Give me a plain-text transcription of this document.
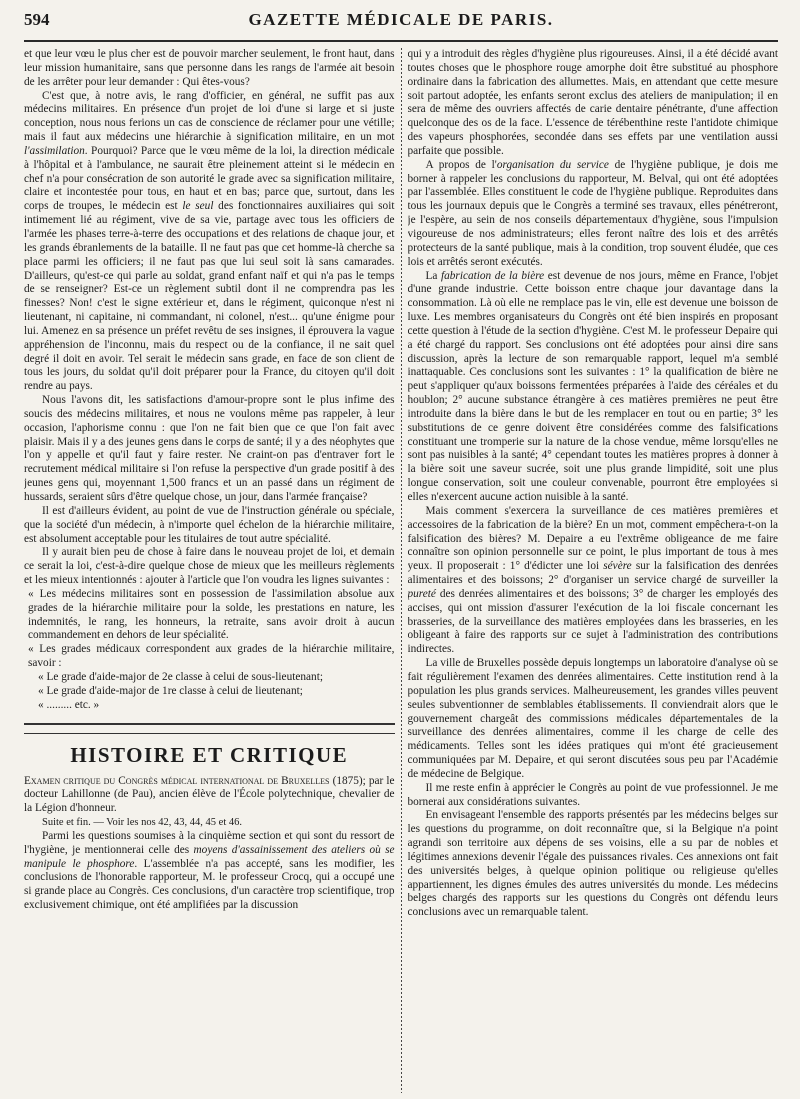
594	GAZETTE MÉDICALE DE PARIS.

et que leur vœu le plus cher est de pouvoir marcher seulement, le front haut, dans leur mission humanitaire, sans que personne dans les rangs de l'armée ait besoin de les arrêter pour leur demander : Qui êtes-vous?

C'est que, à notre avis, le rang d'officier, en général, ne suffit pas aux médecins militaires. En présence d'un projet de loi d'une si large et si juste conception, nous nous ferions un cas de conscience de réclamer pour une vétille; mais il faut aux médecins une hiérarchie à signification militaire, en un mot l'assimilation. Pourquoi? Parce que le vœu même de la loi, la direction médicale à l'hôpital et à l'ambulance, ne saurait être pleinement atteint si le médecin en chef n'a pour consécration de son autorité le grade avec sa signification militaire, claire et incontestée pour tous, en haut et en bas; parce que, surtout, dans les corps de troupes, le médecin est le seul des fonctionnaires auxiliaires qui soit intimement lié au régiment, vive de sa vie, partage avec tous les officiers de l'armée les phases terre-à-terre des occupations et des relations de chaque jour, et les grands ébranlements de la bataille. Il ne faut pas que cet homme-là cherche sa place parmi les officiers; il ne faut pas que lui seul soit là sans camarades. D'ailleurs, qu'est-ce qui parle au soldat, grand enfant naïf et qui n'a pas le temps de se renseigner? Est-ce un règlement subtil dont il ne comprendra pas les finesses? Non! c'est le signe extérieur et, dans le régiment, quiconque n'est ni lieutenant, ni capitaine, ni commandant, ni colonel, n'est... qu'une énigme pour lui. Amenez en sa présence un préfet revêtu de ses insignes, il éprouvera la vague appréhension de l'inconnu, mais du respect ou de la confiance, il ne sait quel degré il doit en avoir. Tel serait le médecin sans grade, en face de son client de tous les jours, du soldat qu'il doit préparer pour la France, du citoyen qu'il doit rendre au pays.

Nous l'avons dit, les satisfactions d'amour-propre sont le plus infime des soucis des médecins militaires, et nous ne voulons même pas rappeler, à leur occasion, l'aphorisme connu : que l'on ne fait bien que ce que l'on fait avec plaisir. Mais il y a des jeunes gens dans le corps de santé; il y a des néophytes que l'on y appelle et qu'il faut y faire rester. Ne craint-on pas d'entraver fort le recrutement médical militaire si l'on refuse la perspective d'un grade positif à des jeunes gens qui, moyennant 1,500 francs et un an passé dans un régiment de hussards, seraient sûrs d'être quelque chose, un jour, dans l'armée française?

Il est d'ailleurs évident, au point de vue de l'instruction générale ou spéciale, que la société d'un médecin, à n'importe quel échelon de la hiérarchie militaire, est absolument acceptable pour les titulaires de tout autre spécialité.

Il y aurait bien peu de chose à faire dans le nouveau projet de loi, et demain ce serait la loi, c'est-à-dire quelque chose de mieux que les meilleurs règlements et les mieux intentionnés : ajouter à l'article que l'on voudra les lignes suivantes :

« Les médecins militaires sont en possession de l'assimilation absolue aux grades de la hiérarchie militaire pour la solde, les prestations en nature, les indemnités, le rang, les honneurs, la retraite, sans avoir droit à aucun commandement en dehors de leur spécialité.

« Les grades médicaux correspondent aux grades de la hiérarchie militaire, savoir :

« Le grade d'aide-major de 2e classe à celui de sous-lieutenant;

« Le grade d'aide-major de 1re classe à celui de lieutenant;

« ......... etc. »

HISTOIRE ET CRITIQUE

Examen critique du Congrès médical international de Bruxelles (1875); par le docteur Lahillonne (de Pau), ancien élève de l'École polytechnique, chevalier de la Légion d'honneur.

Suite et fin. — Voir les nos 42, 43, 44, 45 et 46.

Parmi les questions soumises à la cinquième section et qui sont du ressort de l'hygiène, je mentionnerai celle des moyens d'assainissement des ateliers où se manipule le phosphore. L'assemblée n'a pas accepté, sans les modifier, les conclusions de l'honorable rapporteur, M. le professeur Crocq, qui a occupé une si grande place au Congrès. Ces conclusions, d'un caractère trop scientifique, trop exclusivement chimique, ont été amplifiées par la discussion

qui y a introduit des règles d'hygiène plus rigoureuses. Ainsi, il a été décidé avant toutes choses que le phosphore rouge amorphe doit être substitué au phosphore ordinaire dans la fabrication des allumettes. Mais, en attendant que cette mesure soit partout adoptée, les enfants seront exclus des ateliers de manipulation; il en sera de même des ouvriers affectés de carie dentaire pénétrante, d'une affection quelconque des os de la face. L'essence de térébenthine reste l'antidote chimique des vapeurs phosphorées, secondée dans ses effets par une ventilation aussi parfaite que possible.

A propos de l'organisation du service de l'hygiène publique, je dois me borner à rappeler les conclusions du rapporteur, M. Belval, qui ont été adoptées par l'assemblée. Elles constituent le code de l'hygiène publique. Reproduites dans tous les journaux depuis que le Congrès a terminé ses travaux, elles pénétreront, je l'espère, au sein de nos conseils départementaux d'hygiène, sous l'impulsion vigoureuse de nos administrateurs; elles feront naître des lois et des arrêtés protecteurs de la santé publique, mais à la condition, trop souvent éludée, que ces lois et arrêtés seront exécutés.

La fabrication de la bière est devenue de nos jours, même en France, l'objet d'une grande industrie. Cette boisson entre chaque jour davantage dans la consommation. Là où elle ne remplace pas le vin, elle est devenue une boisson de luxe. Les membres organisateurs du Congrès ont été bien inspirés en proposant cette question à l'étude de la section d'hygiène. C'est M. le professeur Depaire qui a été chargé du rapport. Ses conclusions ont été adoptées pour ainsi dire sans discussion, après la lecture de son remarquable rapport, lequel m'a semblé inattaquable. Ces conclusions sont les suivantes : 1° la qualification de bière ne peut s'appliquer qu'aux boissons fermentées préparées à l'aide des céréales et du houblon; 2° aucune substance étrangère à ces matières premières ne peut être introduite dans la bière dans le but de les remplacer en tout ou en partie; 3° les substitutions de ce genre doivent être considérées comme des falsifications constituant une tromperie sur la nature de la chose vendue, même lorsqu'elles ne sont pas nuisibles à la santé; 4° cependant toutes les matières propres à donner à la bière soit une saveur sucrée, soit une plus grande limpidité, soit une plus longue conservation, soit une couleur convenable, pourront être employées si elles n'exercent aucune action nuisible à la santé.

Mais comment s'exercera la surveillance de ces matières premières et accessoires de la fabrication de la bière? En un mot, comment empêchera-t-on la falsification des bières? M. Depaire a eu l'extrême obligeance de me faire connaître son opinion personnelle sur ce point, le plus important de tous à mes yeux. Il proposerait : 1° d'édicter une loi sévère sur la falsification des denrées alimentaires et des boissons; 2° d'organiser un service chargé de surveiller la pureté des denrées alimentaires et des boissons; 3° de charger les employés des accises, qui ont mission d'assurer l'exécution de la loi fiscale concernant les brasseries, de la surveillance des matières employées dans les brasseries, en les obligeant à faire des rapports sur ce sujet à l'administration des contributions indirectes.

La ville de Bruxelles possède depuis longtemps un laboratoire d'analyse où se fait régulièrement l'examen des denrées alimentaires. Cette institution rend à la population les plus grands services. Malheureusement, les grandes villes peuvent seules subventionner de semblables établissements. Il conviendrait alors que le gouvernement chargeât des commissions médicales départementales de la surveillance des denrées alimentaires, comme il les charge de celle des médicaments. Telles sont les idées pratiques qui m'ont été gracieusement communiquées par M. Depaire, et qui seront discutées sous peu par l'Académie de médecine de Belgique.

Il me reste enfin à apprécier le Congrès au point de vue professionnel. Je me bornerai aux considérations suivantes.

En envisageant l'ensemble des rapports présentés par les médecins belges sur les questions du programme, on doit reconnaître que, si la Belgique n'a point agrandi son territoire aux dépens de ses voisins, elle a su par de nobles et légitimes annexions devenir l'égale des puissances rivales. Ces annexions ont fait des universités belges, à quelque opinion politique ou religieuse qu'elles appartiennent, les dignes émules des autres universités du monde. Les médecins belges chargés des rapports sur les questions du Congrès ont défendu leurs conclusions avec un remarquable talent.
